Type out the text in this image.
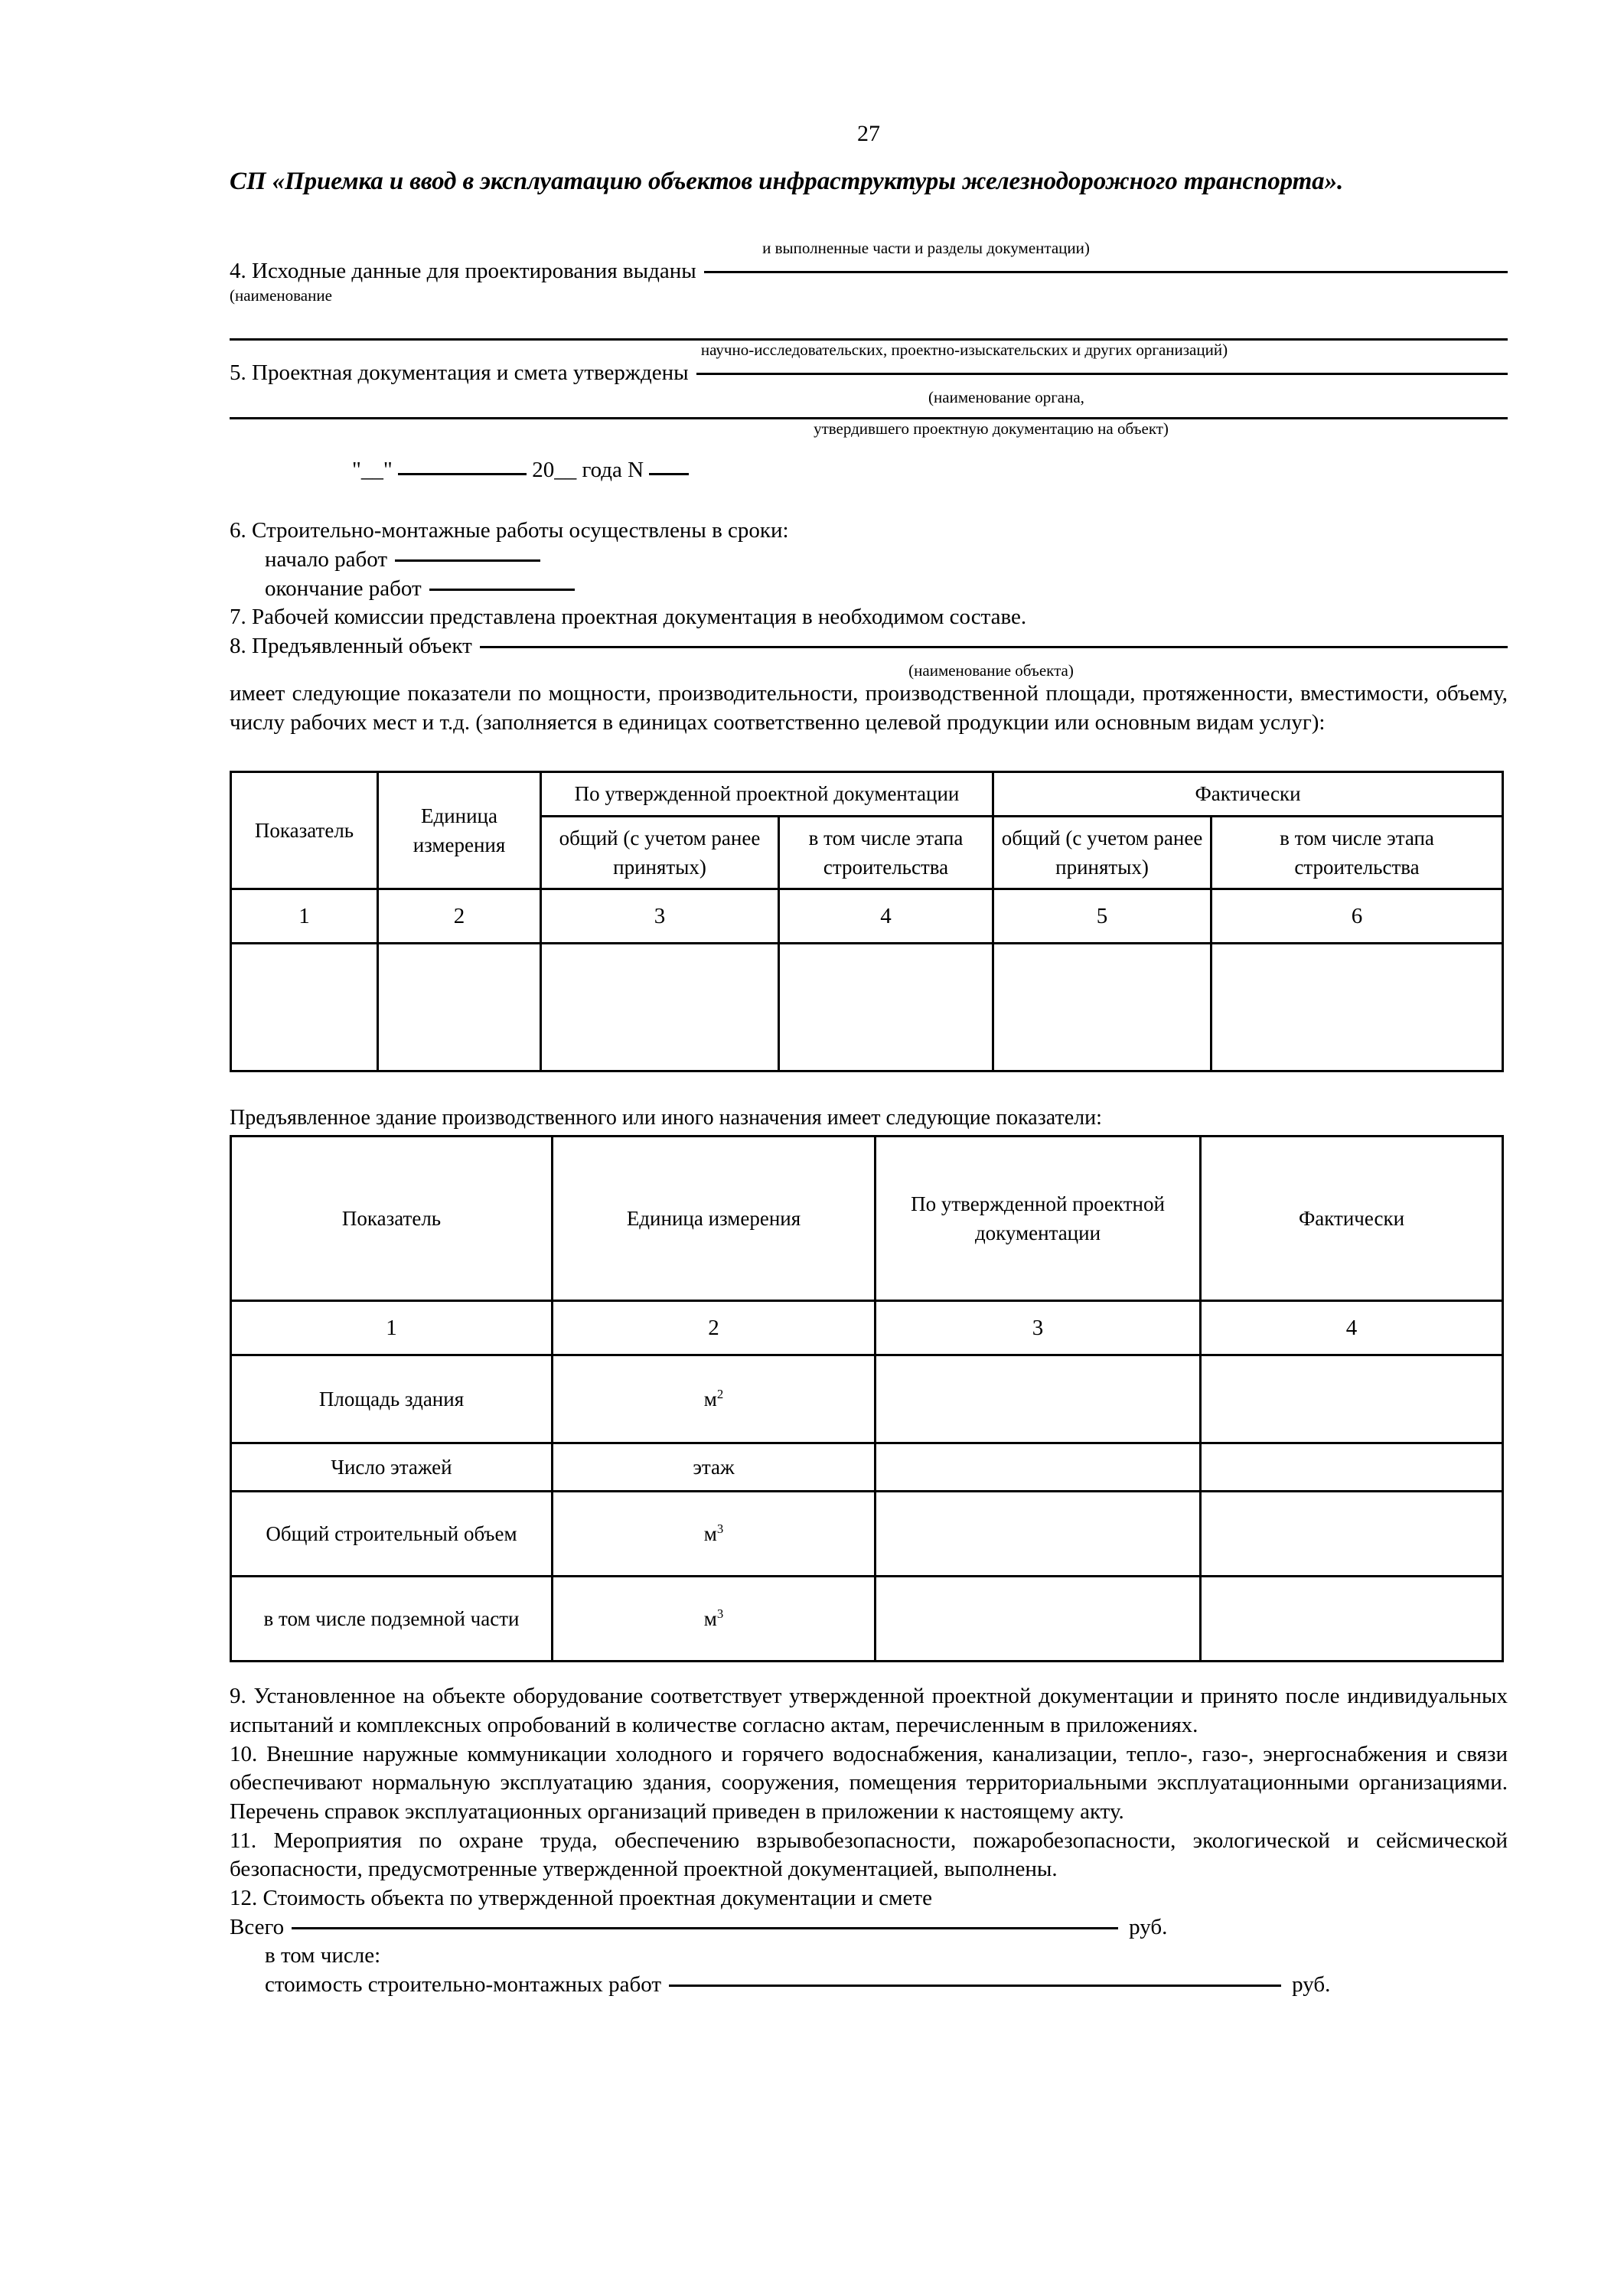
27
СП «Приемка и ввод в эксплуатацию объектов инфраструктуры железнодорожного транспорта».
и выполненные части и разделы документации)
4. Исходные данные для проектирования выданы
(наименование
научно-исследовательских, проектно-изыскательских и других организаций)
5. Проектная документация и смета утверждены
(наименование органа,
утвердившего проектную документацию на объект)
"__"	20__ года N
6. Строительно-монтажные работы осуществлены в сроки:
начало работ
окончание работ
7. Рабочей комиссии представлена проектная документация в необходимом составе.
8. Предъявленный объект
(наименование объекта)
имеет следующие показатели по мощности, производительности, производственной площади, протяженности, вместимости, объему, числу рабочих мест и т.д. (заполняется в единицах соответственно целевой продукции или основным видам услуг):
Показатель	Единица измерения	По утвержденной проектной документации		Фактически	
		общий (с учетом ранее принятых)	в том числе этапа строительства	общий (с учетом ранее принятых)	в том числе этапа строительства
1	2	3	4	5	6

Предъявленное здание производственного или иного назначения имеет следующие показатели:
Показатель	Единица измерения	По утвержденной проектной документации	Фактически
1	2	3	4
Площадь здания	$м^2$		
Число этажей	этаж		
Общий строительный объем	$м^3$		
в том числе подземной части	$м^3$		
9. Установленное на объекте оборудование соответствует утвержденной проектной документации и принято после индивидуальных испытаний и комплексных опробований в количестве согласно актам, перечисленным в приложениях.
10. Внешние наружные коммуникации холодного и горячего водоснабжения, канализации, тепло-, газо-, энергоснабжения и связи обеспечивают нормальную эксплуатацию здания, сооружения, помещения территориальными эксплуатационными организациями. Перечень справок эксплуатационных организаций приведен в приложении к настоящему акту.
11. Мероприятия по охране труда, обеспечению взрывобезопасности, пожаробезопасности, экологической и сейсмической безопасности, предусмотренные утвержденной проектной документацией, выполнены.
12. Стоимость объекта по утвержденной проектная документации и смете
Всего	руб.
в том числе:
стоимость строительно-монтажных работ	руб.
